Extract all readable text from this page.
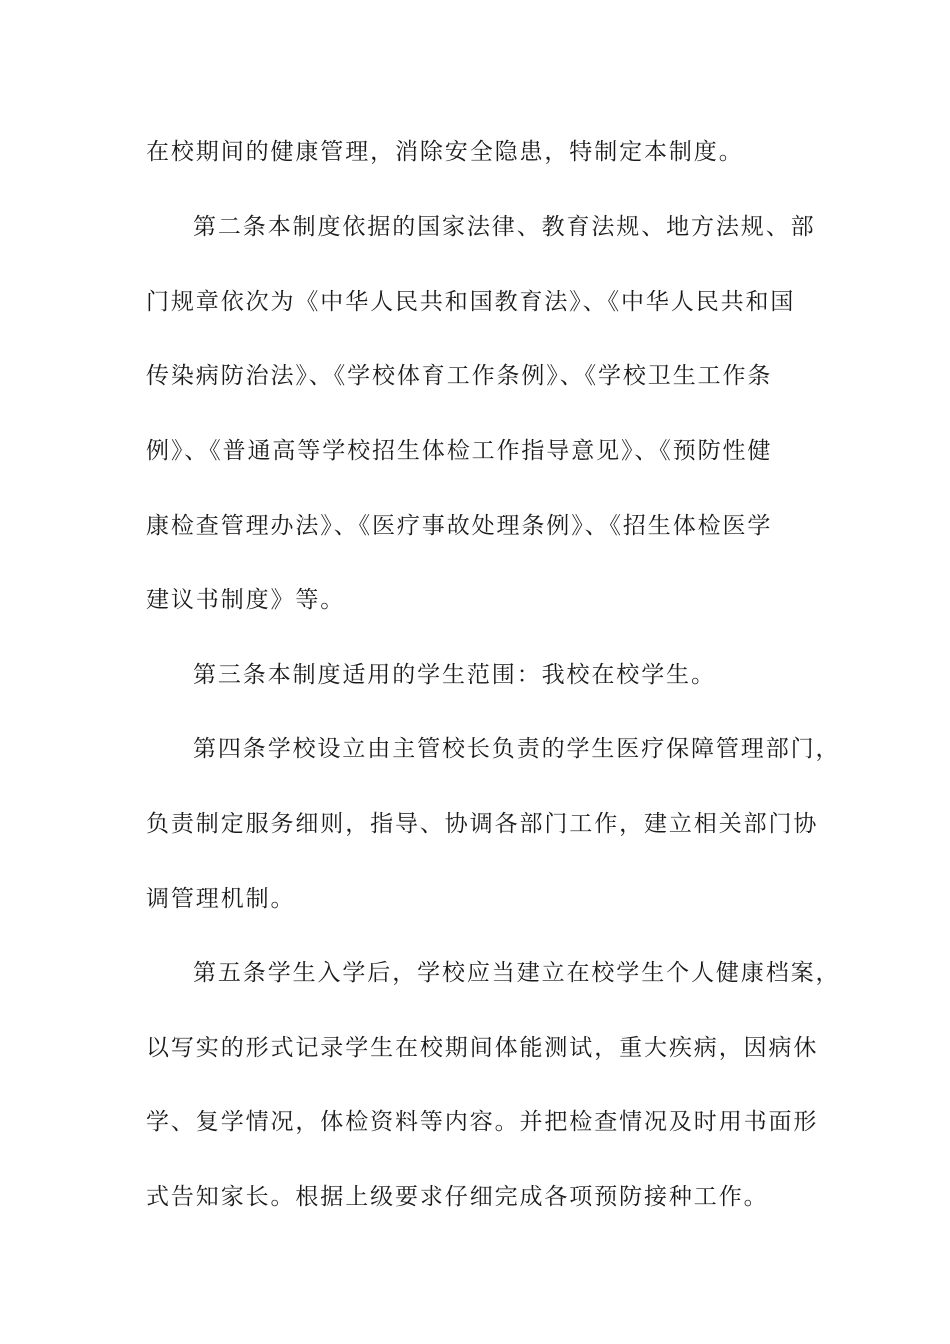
在校期间的健康管理，消除安全隐患，特制定本制度。
第二条本制度依据的国家法律、教育法规、地方法规、部
门规章依次为《中华人民共和国教育法》、《中华人民共和国
传染病防治法》、《学校体育工作条例》、《学校卫生工作条
例》、《普通高等学校招生体检工作指导意见》、《预防性健
康检查管理办法》、《医疗事故处理条例》、《招生体检医学
建议书制度》等。
第三条本制度适用的学生范围：我校在校学生。
第四条学校设立由主管校长负责的学生医疗保障管理部门，
负责制定服务细则，指导、协调各部门工作，建立相关部门协
调管理机制。
第五条学生入学后，学校应当建立在校学生个人健康档案，
以写实的形式记录学生在校期间体能测试，重大疾病，因病休
学、复学情况，体检资料等内容。并把检查情况及时用书面形
式告知家长。根据上级要求仔细完成各项预防接种工作。
